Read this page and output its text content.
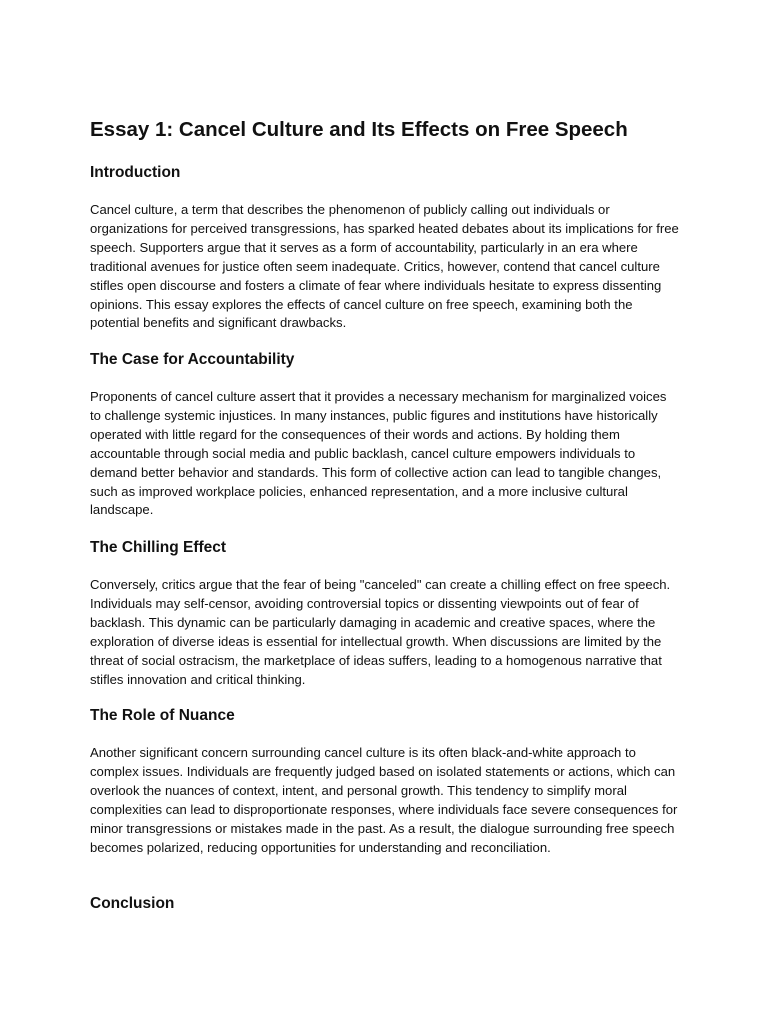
Essay 1: Cancel Culture and Its Effects on Free Speech
Introduction

Cancel culture, a term that describes the phenomenon of publicly calling out individuals or organizations for perceived transgressions, has sparked heated debates about its implications for free speech. Supporters argue that it serves as a form of accountability, particularly in an era where traditional avenues for justice often seem inadequate. Critics, however, contend that cancel culture stifles open discourse and fosters a climate of fear where individuals hesitate to express dissenting opinions. This essay explores the effects of cancel culture on free speech, examining both the potential benefits and significant drawbacks.

The Case for Accountability

Proponents of cancel culture assert that it provides a necessary mechanism for marginalized voices to challenge systemic injustices. In many instances, public figures and institutions have historically operated with little regard for the consequences of their words and actions. By holding them accountable through social media and public backlash, cancel culture empowers individuals to demand better behavior and standards. This form of collective action can lead to tangible changes, such as improved workplace policies, enhanced representation, and a more inclusive cultural landscape.

The Chilling Effect

Conversely, critics argue that the fear of being "canceled" can create a chilling effect on free speech. Individuals may self-censor, avoiding controversial topics or dissenting viewpoints out of fear of backlash. This dynamic can be particularly damaging in academic and creative spaces, where the exploration of diverse ideas is essential for intellectual growth. When discussions are limited by the threat of social ostracism, the marketplace of ideas suffers, leading to a homogenous narrative that stifles innovation and critical thinking.

The Role of Nuance

Another significant concern surrounding cancel culture is its often black-and-white approach to complex issues. Individuals are frequently judged based on isolated statements or actions, which can overlook the nuances of context, intent, and personal growth. This tendency to simplify moral complexities can lead to disproportionate responses, where individuals face severe consequences for minor transgressions or mistakes made in the past. As a result, the dialogue surrounding free speech becomes polarized, reducing opportunities for understanding and reconciliation.

Conclusion
